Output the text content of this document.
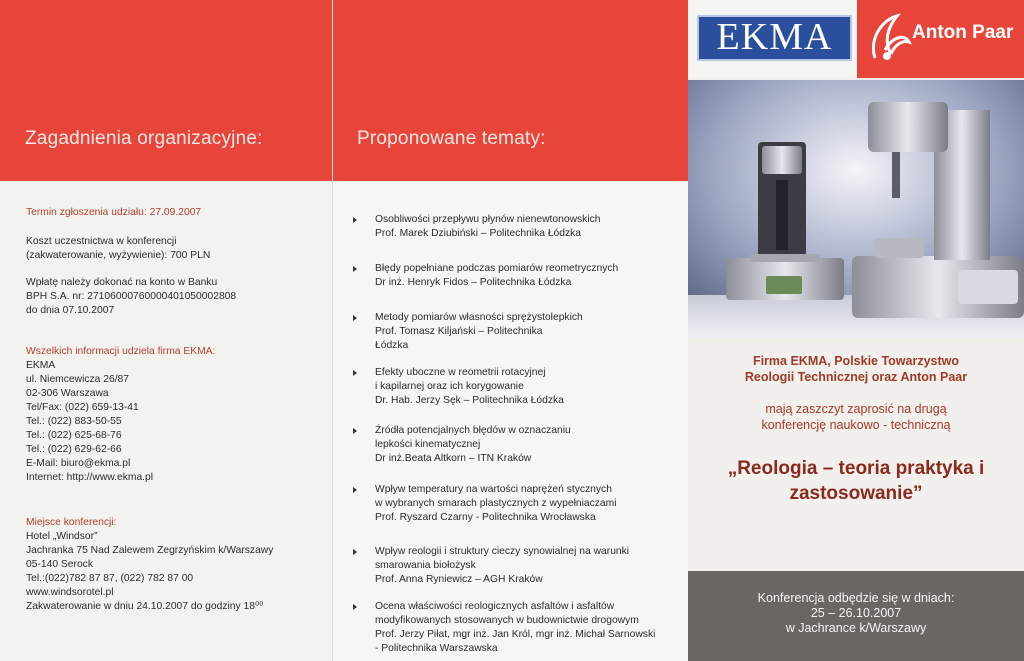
Zagadnienia organizacyjne:
Termin zgłoszenia udziału: 27.09.2007
Koszt uczestnictwa w konferencji
(zakwaterowanie, wyżywienie): 700 PLN
Wpłatę należy dokonać na konto w Banku
BPH S.A. nr: 27106000760000401050002808
do dnia 07.10.2007
Wszelkich informacji udziela firma EKMA:
EKMA
ul. Niemcewicza 26/87
02-306 Warszawa
Tel/Fax: (022) 659-13-41
Tel.: (022) 883-50-55
Tel.: (022) 625-68-76
Tel.: (022) 629-62-66
E-Mail: biuro@ekma.pl
Internet: http://www.ekma.pl
Miejsce konferencji:
Hotel „Windsor”
Jachranka 75 Nad Zalewem Zegrzyńskim k/Warszawy
05-140 Serock
Tel.:(022)782 87 87, (022) 782 87 00
www.windsorotel.pl
Zakwaterowanie w dniu 24.10.2007 do godziny 18⁰⁰
Proponowane tematy:
Osobliwości przepływu płynów nienewtonowskich
Prof. Marek Dziubiński – Politechnika Łódzka
Błędy popełniane podczas pomiarów reometrycznych
Dr inż. Henryk Fidos – Politechnika Łódzka
Metody pomiarów własności sprężystolepkich
Prof. Tomasz Kiljański – Politechnika
Łódzka
Efekty uboczne w reometrii rotacyjnej
i kapilarnej oraz ich korygowanie
Dr. Hab. Jerzy Sęk – Politechnika Łódzka
Źródła potencjalnych błędów w oznaczaniu
lepkości kinematycznej
Dr inż.Beata Altkorn – ITN Kraków
Wpływ temperatury na wartości naprężeń stycznych
w wybranych smarach plastycznych z wypełniaczami
Prof. Ryszard Czarny - Politechnika Wrocławska
Wpływ reologii i struktury cieczy synowialnej na warunki
smarowania biołożysk
Prof. Anna Ryniewicz – AGH Kraków
Ocena właściwości reologicznych asfaltów i asfaltów
modyfikowanych stosowanych w budownictwie drogowym
Prof. Jerzy Piłat, mgr inż. Jan Król, mgr inż. Michał Sarnowski
- Politechnika Warszawska
EKMA	Anton Paar
Firma EKMA, Polskie Towarzystwo
Reologii Technicznej oraz Anton Paar
mają zaszczyt zaprosić na drugą
konferencję naukowo - techniczną
„Reologia – teoria praktyka i
zastosowanie”
Konferencja odbędzie się w dniach:
25 – 26.10.2007
w Jachrance k/Warszawy
